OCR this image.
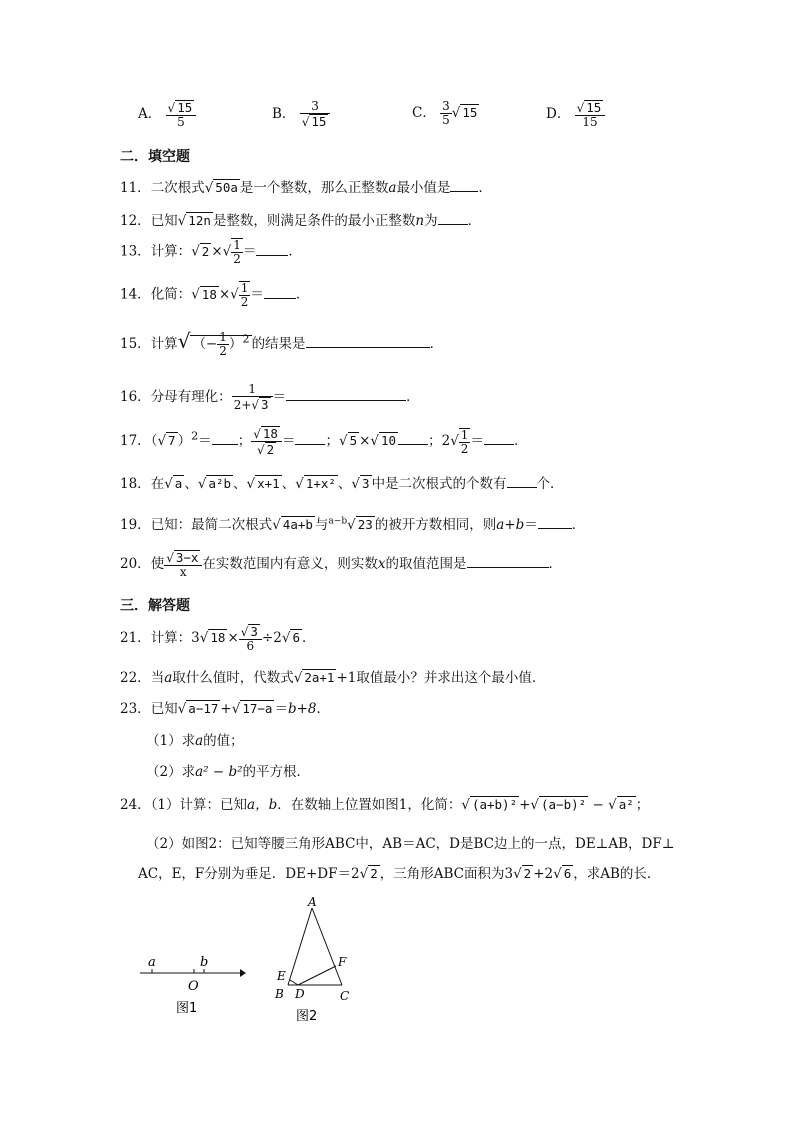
A． $\frac{√ 15}{5}$	B． $\frac{3}{√ 15}$	C． $\frac{3}{5}$ √ 15	D． $\frac{√ 15}{15}$
二．填空题
11．二次根式√ 50a 是一个整数，那么正整数a最小值是 ．
12．已知√ 12n 是整数，则满足条件的最小正整数n为 ．
13．计算：√ 2 ×√ $\frac{1}{2}$ ＝ ．
14．化简：√ 18 ×√ $\frac{1}{2}$ ＝ ．
15．计算√ （− $\frac{1}{2} )^2$ 的结果是	．
16．分母有理化： $\frac{1}{2+√ 3}$ ＝	．
17．（√ 7 ）$^2$＝ ； $\frac{√ 18}{√ 2}$ ＝ ；√ 5 ×√ 10 ；$2√ \frac{1}{2}$ ＝ ．
18．在√ a 、√ a²b 、√ x+1 、√ 1+x² 、√ 3 中是二次根式的个数有 个．
19．已知：最简二次根式√ 4a+b 与$^{a-b}$√ 23 的被开方数相同，则a+b＝	．
20．使 $\frac{√ 3-x}{x}$ 在实数范围内有意义，则实数x的取值范围是	．
三．解答题
21．计算：3√ $18 \times \frac{√ 3}{6} \div 2√$ 6 ．
22．当a取什么值时，代数式√ 2a+1 +1取值最小？并求出这个最小值．
23．已知√ a−17 +√ 17−a ＝b+8．
（1）求a的值；
（2）求a² − b²的平方根．
24．（1）计算：已知a，b．在数轴上位置如图1，化简：√ (a+b)² +√ (a−b)² − √ a² ；
（2）如图2：已知等腰三角形ABC中，AB＝AC，D是BC边上的一点，DE⊥AB，DF⊥
AC，E，F分别为垂足．DE+DF＝2√ 2 ，三角形ABC面积为3√ 2 +2√ 6 ，求AB的长．
a	b
O
图1
A
E
F
B D	C
图2
